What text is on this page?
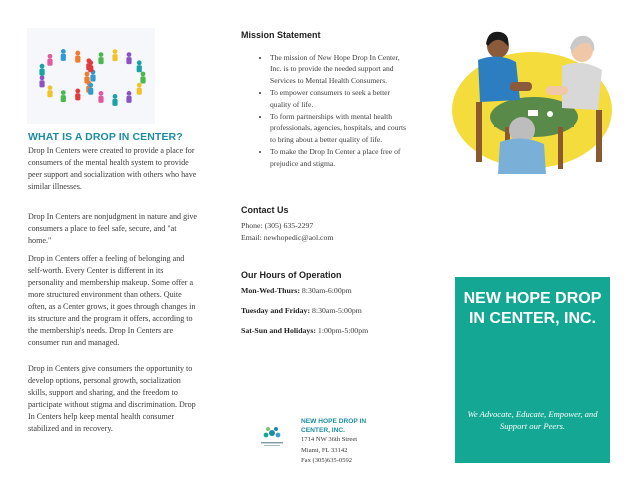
WHAT IS A DROP IN CENTER?

Drop In Centers were created to provide a place for consumers of the mental health system to provide peer support and socialization with others who have similar illnesses.

Drop In Centers are nonjudgment in nature and give consumers a place to feel safe, secure, and "at home."

Drop in Centers offer a feeling of belonging and self-worth. Every Center is different in its personality and membership makeup. Some offer a more structured environment than others. Quite often, as a Center grows, it goes through changes in its structure and the program it offers, according to the membership's needs. Drop In Centers are consumer run and managed.

Drop in Centers give consumers the opportunity to develop options, personal growth, socialization skills, support and sharing, and the freedom to participate without stigma and discrimination. Drop In Centers help keep mental health consumer stabilized and in recovery.

Mission Statement
• The mission of New Hope Drop In Center, Inc. is to provide the needed support and Services to Mental Health Consumers.
• To empower consumers to seek a better quality of life.
• To form partnerships with mental health professionals, agencies, hospitals, and courts to bring about a better quality of life.
• To make the Drop In Center a place free of prejudice and stigma.
Contact Us

Phone: (305) 635-2297

Email: newhopedic@aol.com

Our Hours of Operation

Mon-Wed-Thurs: 8:30am-6:00pm

Tuesday and Friday: 8:30am-5:00pm

Sat-Sun and Holidays: 1:00pm-5:00pm

NEW HOPE DROP IN CENTER, INC.

1714 NW 36th Street

Miami, FL 33142

Fax (305)635-0592

NEW HOPE DROP IN CENTER, INC.

We Advocate, Educate, Empower, and Support our Peers.
